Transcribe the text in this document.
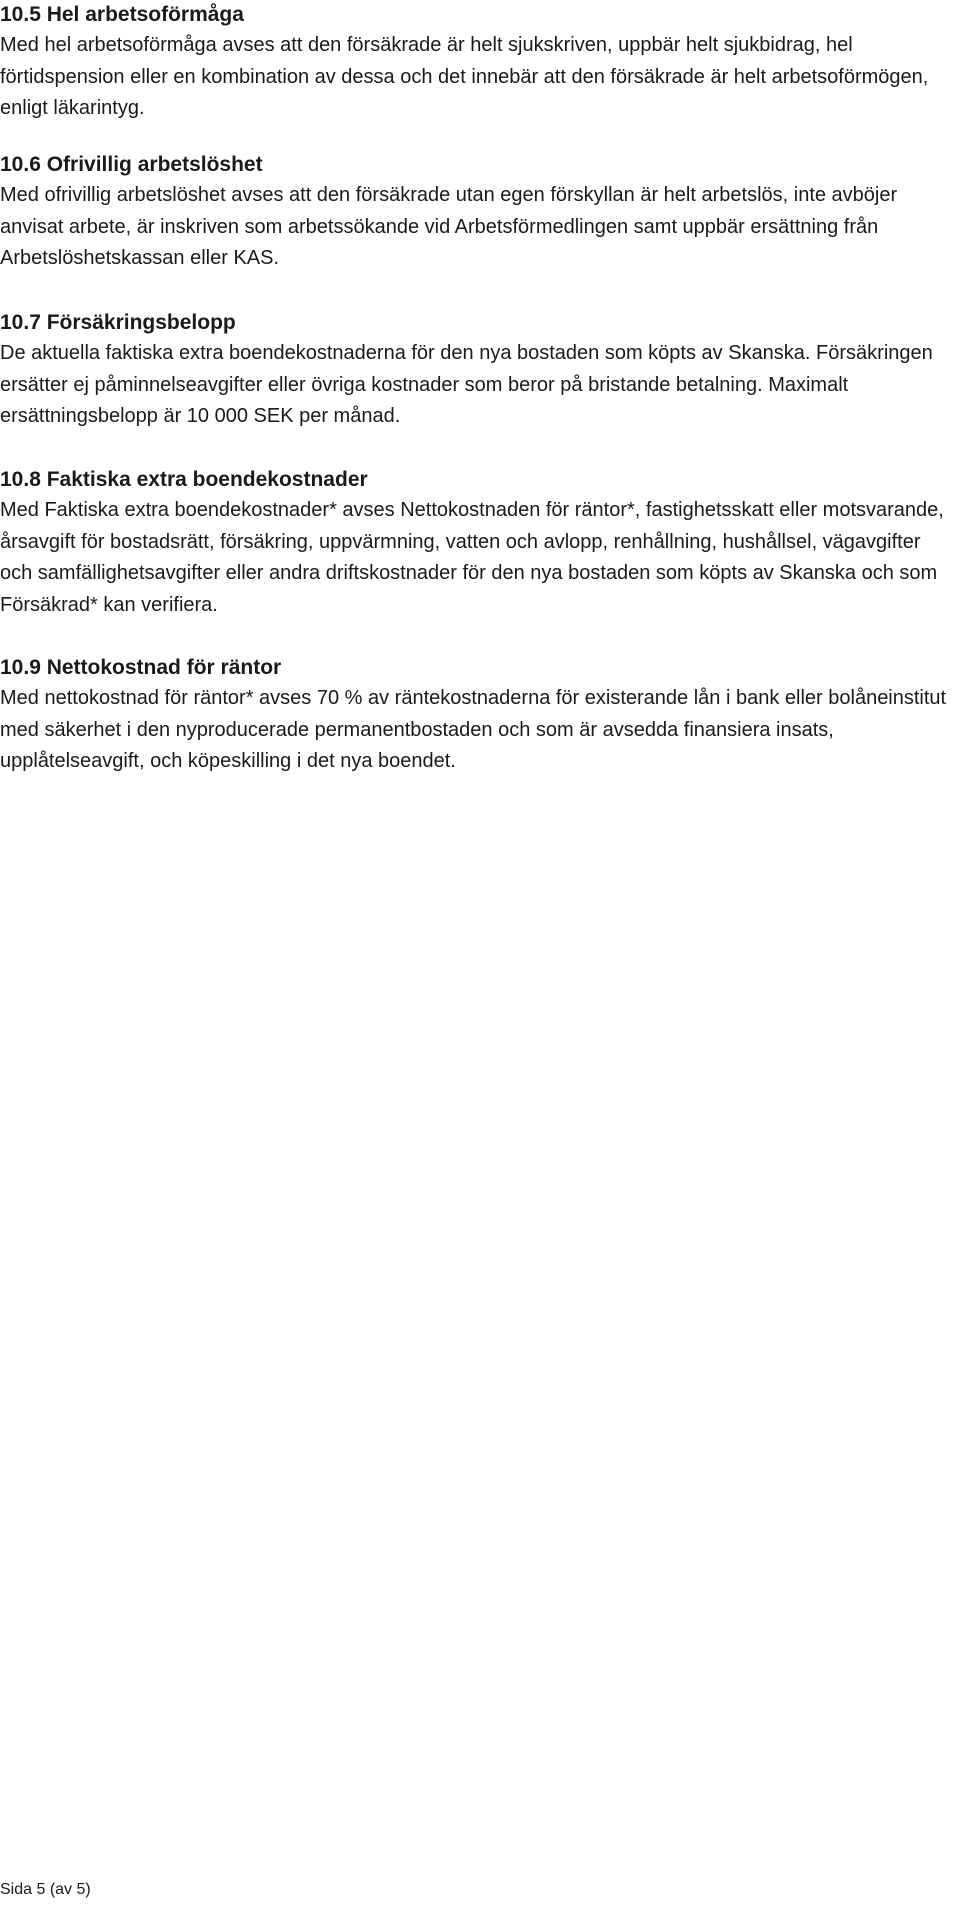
10.5 Hel arbetsoförmåga

Med hel arbetsoförmåga avses att den försäkrade är helt sjukskriven, uppbär helt sjukbidrag, hel förtidspension eller en kombination av dessa och det innebär att den försäkrade är helt arbetsoförmögen, enligt läkarintyg.

10.6 Ofrivillig arbetslöshet

Med ofrivillig arbetslöshet avses att den försäkrade utan egen förskyllan är helt arbetslös, inte avböjer anvisat arbete, är inskriven som arbetssökande vid Arbetsförmedlingen samt uppbär ersättning från Arbetslöshetskassan eller KAS.

10.7 Försäkringsbelopp

De aktuella faktiska extra boendekostnaderna för den nya bostaden som köpts av Skanska. Försäkringen ersätter ej påminnelseavgifter eller övriga kostnader som beror på bristande betalning. Maximalt ersättningsbelopp är 10 000 SEK per månad.

10.8 Faktiska extra boendekostnader

Med Faktiska extra boendekostnader* avses Nettokostnaden för räntor*, fastighetsskatt eller motsvarande, årsavgift för bostadsrätt, försäkring, uppvärmning, vatten och avlopp, renhållning, hushållsel, vägavgifter och samfällighetsavgifter eller andra driftskostnader för den nya bostaden som köpts av Skanska och som Försäkrad* kan verifiera.

10.9 Nettokostnad för räntor

Med nettokostnad för räntor* avses 70 % av räntekostnaderna för existerande lån i bank eller bolåneinstitut med säkerhet i den nyproducerade permanentbostaden och som är avsedda finansiera insats, upplåtelseavgift, och köpeskilling i det nya boendet.

Sida 5 (av 5)
